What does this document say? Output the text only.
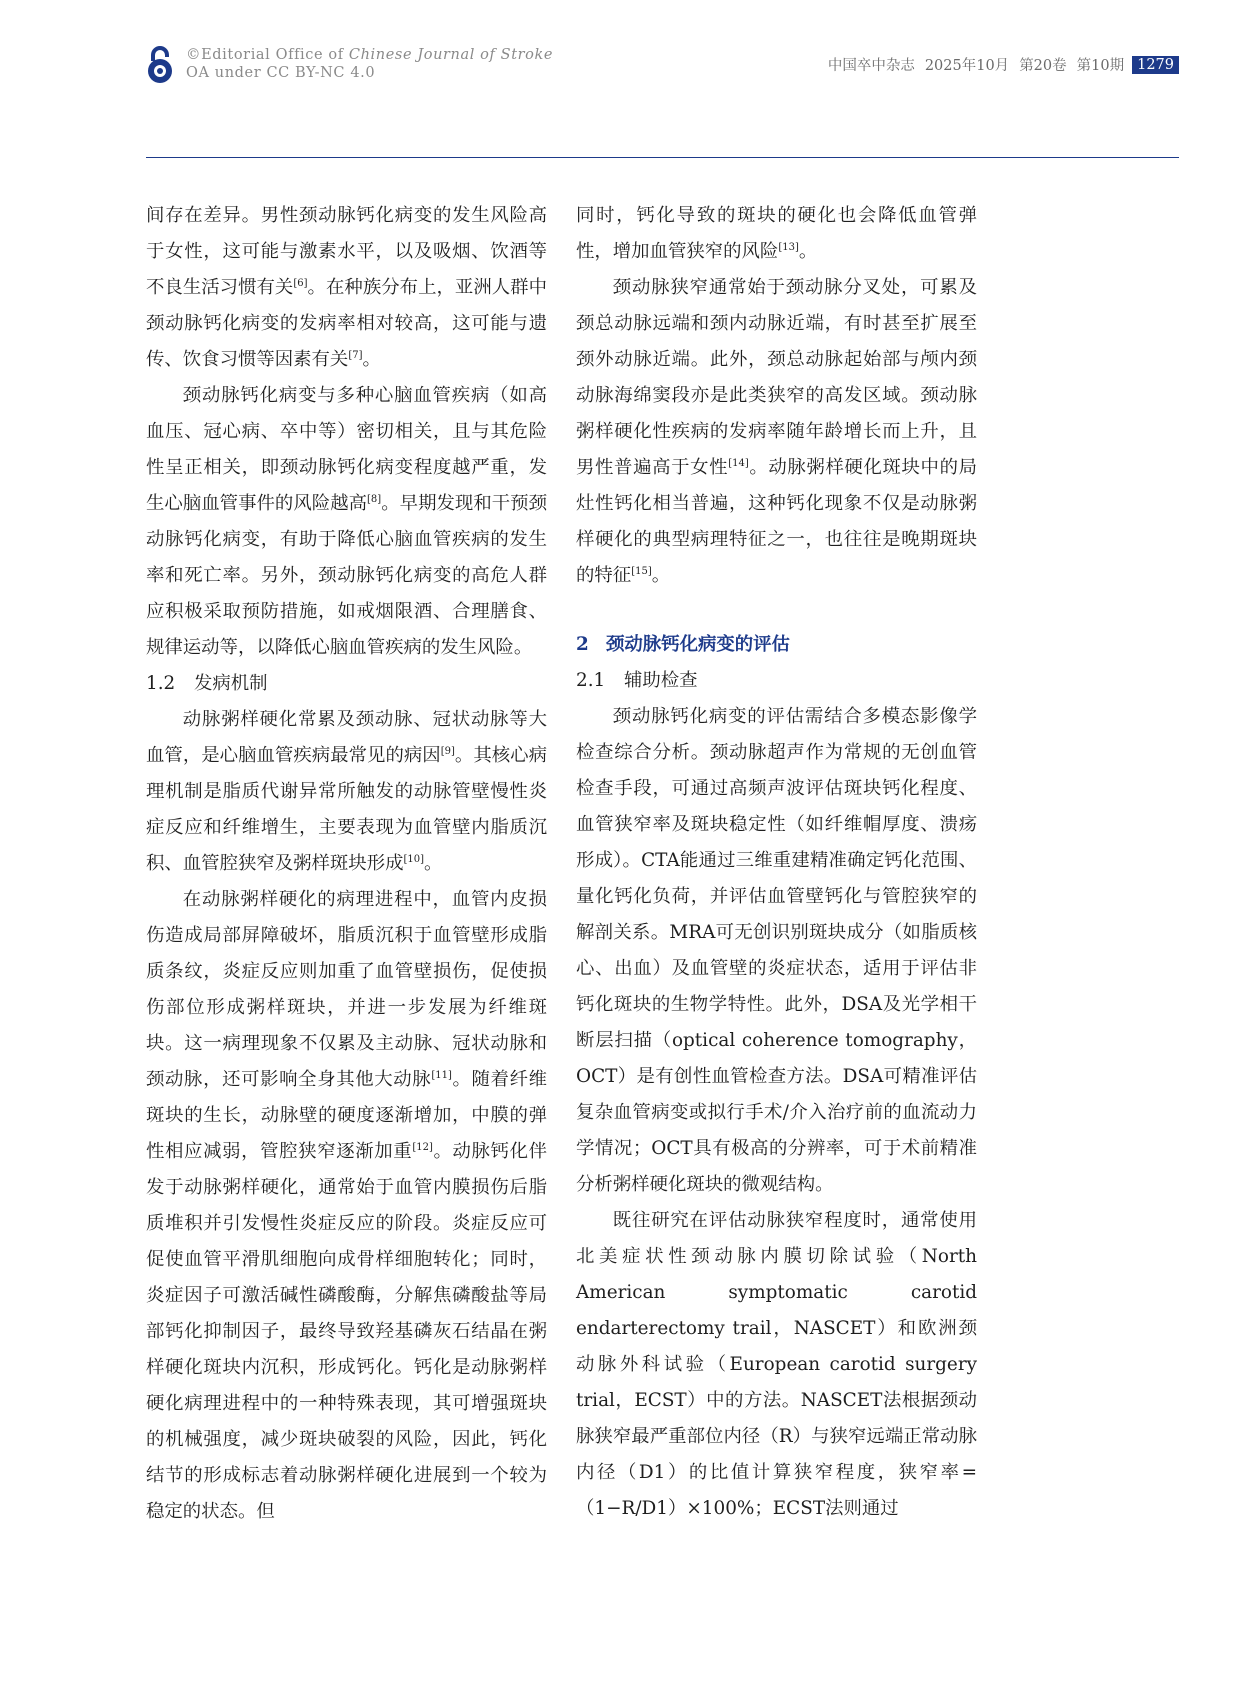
©Editorial Office of Chinese Journal of Stroke
OA under CC BY-NC 4.0	中国卒中杂志 2025年10月 第20卷 第10期 1279

间存在差异。男性颈动脉钙化病变的发生风险高于女性，这可能与激素水平，以及吸烟、饮酒等不良生活习惯有关[6]。在种族分布上，亚洲人群中颈动脉钙化病变的发病率相对较高，这可能与遗传、饮食习惯等因素有关[7]。

颈动脉钙化病变与多种心脑血管疾病（如高血压、冠心病、卒中等）密切相关，且与其危险性呈正相关，即颈动脉钙化病变程度越严重，发生心脑血管事件的风险越高[8]。早期发现和干预颈动脉钙化病变，有助于降低心脑血管疾病的发生率和死亡率。另外，颈动脉钙化病变的高危人群应积极采取预防措施，如戒烟限酒、合理膳食、规律运动等，以降低心脑血管疾病的发生风险。

1.2 发病机制

动脉粥样硬化常累及颈动脉、冠状动脉等大血管，是心脑血管疾病最常见的病因[9]。其核心病理机制是脂质代谢异常所触发的动脉管壁慢性炎症反应和纤维增生，主要表现为血管壁内脂质沉积、血管腔狭窄及粥样斑块形成[10]。

在动脉粥样硬化的病理进程中，血管内皮损伤造成局部屏障破坏，脂质沉积于血管壁形成脂质条纹，炎症反应则加重了血管壁损伤，促使损伤部位形成粥样斑块，并进一步发展为纤维斑块。这一病理现象不仅累及主动脉、冠状动脉和颈动脉，还可影响全身其他大动脉[11]。随着纤维斑块的生长，动脉壁的硬度逐渐增加，中膜的弹性相应减弱，管腔狭窄逐渐加重[12]。动脉钙化伴发于动脉粥样硬化，通常始于血管内膜损伤后脂质堆积并引发慢性炎症反应的阶段。炎症反应可促使血管平滑肌细胞向成骨样细胞转化；同时，炎症因子可激活碱性磷酸酶，分解焦磷酸盐等局部钙化抑制因子，最终导致羟基磷灰石结晶在粥样硬化斑块内沉积，形成钙化。钙化是动脉粥样硬化病理进程中的一种特殊表现，其可增强斑块的机械强度，减少斑块破裂的风险，因此，钙化结节的形成标志着动脉粥样硬化进展到一个较为稳定的状态。但

同时，钙化导致的斑块的硬化也会降低血管弹性，增加血管狭窄的风险[13]。

颈动脉狭窄通常始于颈动脉分叉处，可累及颈总动脉远端和颈内动脉近端，有时甚至扩展至颈外动脉近端。此外，颈总动脉起始部与颅内颈动脉海绵窦段亦是此类狭窄的高发区域。颈动脉粥样硬化性疾病的发病率随年龄增长而上升，且男性普遍高于女性[14]。动脉粥样硬化斑块中的局灶性钙化相当普遍，这种钙化现象不仅是动脉粥样硬化的典型病理特征之一，也往往是晚期斑块的特征[15]。

2 颈动脉钙化病变的评估

2.1 辅助检查

颈动脉钙化病变的评估需结合多模态影像学检查综合分析。颈动脉超声作为常规的无创血管检查手段，可通过高频声波评估斑块钙化程度、血管狭窄率及斑块稳定性（如纤维帽厚度、溃疡形成）。CTA能通过三维重建精准确定钙化范围、量化钙化负荷，并评估血管壁钙化与管腔狭窄的解剖关系。MRA可无创识别斑块成分（如脂质核心、出血）及血管壁的炎症状态，适用于评估非钙化斑块的生物学特性。此外，DSA及光学相干断层扫描（optical coherence tomography，OCT）是有创性血管检查方法。DSA可精准评估复杂血管病变或拟行手术/介入治疗前的血流动力学情况；OCT具有极高的分辨率，可于术前精准分析粥样硬化斑块的微观结构。

既往研究在评估动脉狭窄程度时，通常使用北美症状性颈动脉内膜切除试验（North American symptomatic carotid endarterectomy trail，NASCET）和欧洲颈动脉外科试验（European carotid surgery trial，ECST）中的方法。NASCET法根据颈动脉狭窄最严重部位内径（R）与狭窄远端正常动脉内径（D1）的比值计算狭窄程度，狭窄率=（1−R/D1）×100%；ECST法则通过
